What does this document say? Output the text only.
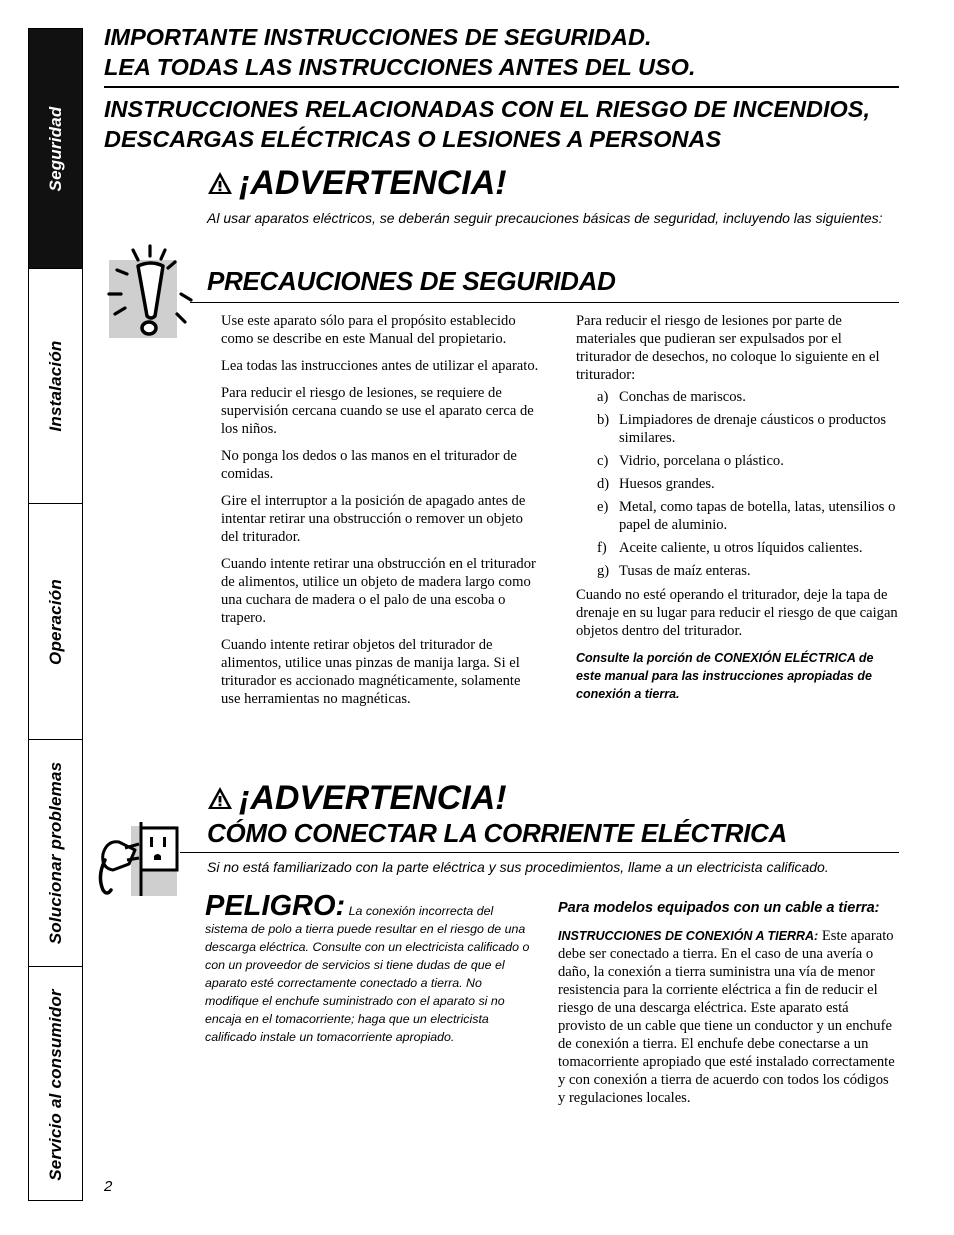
Seguridad
Instalación
Operación
Solucionar problemas
Servicio al consumidor
IMPORTANTE INSTRUCCIONES DE SEGURIDAD.
LEA TODAS LAS INSTRUCCIONES ANTES DEL USO.
INSTRUCCIONES RELACIONADAS CON EL RIESGO DE INCENDIOS,
DESCARGAS ELÉCTRICAS O LESIONES A PERSONAS
¡ADVERTENCIA!

Al usar aparatos eléctricos, se deberán seguir precauciones básicas de seguridad, incluyendo las siguientes:

PRECAUCIONES DE SEGURIDAD

Use este aparato sólo para el propósito establecido como se describe en este Manual del propietario.

Lea todas las instrucciones antes de utilizar el aparato.

Para reducir el riesgo de lesiones, se requiere de supervisión cercana cuando se use el aparato cerca de los niños.

No ponga los dedos o las manos en el triturador de comidas.

Gire el interruptor a la posición de apagado antes de intentar retirar una obstrucción o remover un objeto del triturador.

Cuando intente retirar una obstrucción en el triturador de alimentos, utilice un objeto de madera largo como una cuchara de madera o el palo de una escoba o trapero.

Cuando intente retirar objetos del triturador de alimentos, utilice unas pinzas de manija larga. Si el triturador es accionado magnéticamente, solamente use herramientas no magnéticas.

Para reducir el riesgo de lesiones por parte de materiales que pudieran ser expulsados por el triturador de desechos, no coloque lo siguiente en el triturador:

a) Conchas de mariscos.
b) Limpiadores de drenaje cáusticos o productos similares.
c) Vidrio, porcelana o plástico.
d) Huesos grandes.
e) Metal, como tapas de botella, latas, utensilios o papel de aluminio.
f) Aceite caliente, u otros líquidos calientes.
g) Tusas de maíz enteras.

Cuando no esté operando el triturador, deje la tapa de drenaje en su lugar para reducir el riesgo de que caigan objetos dentro del triturador.

Consulte la porción de CONEXIÓN ELÉCTRICA de este manual para las instrucciones apropiadas de conexión a tierra.
¡ADVERTENCIA!
CÓMO CONECTAR LA CORRIENTE ELÉCTRICA

Si no está familiarizado con la parte eléctrica y sus procedimientos, llame a un electricista calificado.

PELIGRO: La conexión incorrecta del sistema de polo a tierra puede resultar en el riesgo de una descarga eléctrica. Consulte con un electricista calificado o con un proveedor de servicios si tiene dudas de que el aparato esté correctamente conectado a tierra. No modifique el enchufe suministrado con el aparato si no encaja en el tomacorriente; haga que un electricista calificado instale un tomacorriente apropiado.

Para modelos equipados con un cable a tierra:

INSTRUCCIONES DE CONEXIÓN A TIERRA: Este aparato debe ser conectado a tierra. En el caso de una avería o daño, la conexión a tierra suministra una vía de menor resistencia para la corriente eléctrica a fin de reducir el riesgo de una descarga eléctrica. Este aparato está provisto de un cable que tiene un conductor y un enchufe de conexión a tierra. El enchufe debe conectarse a un tomacorriente apropiado que esté instalado correctamente y con conexión a tierra de acuerdo con todos los códigos y regulaciones locales.

2
